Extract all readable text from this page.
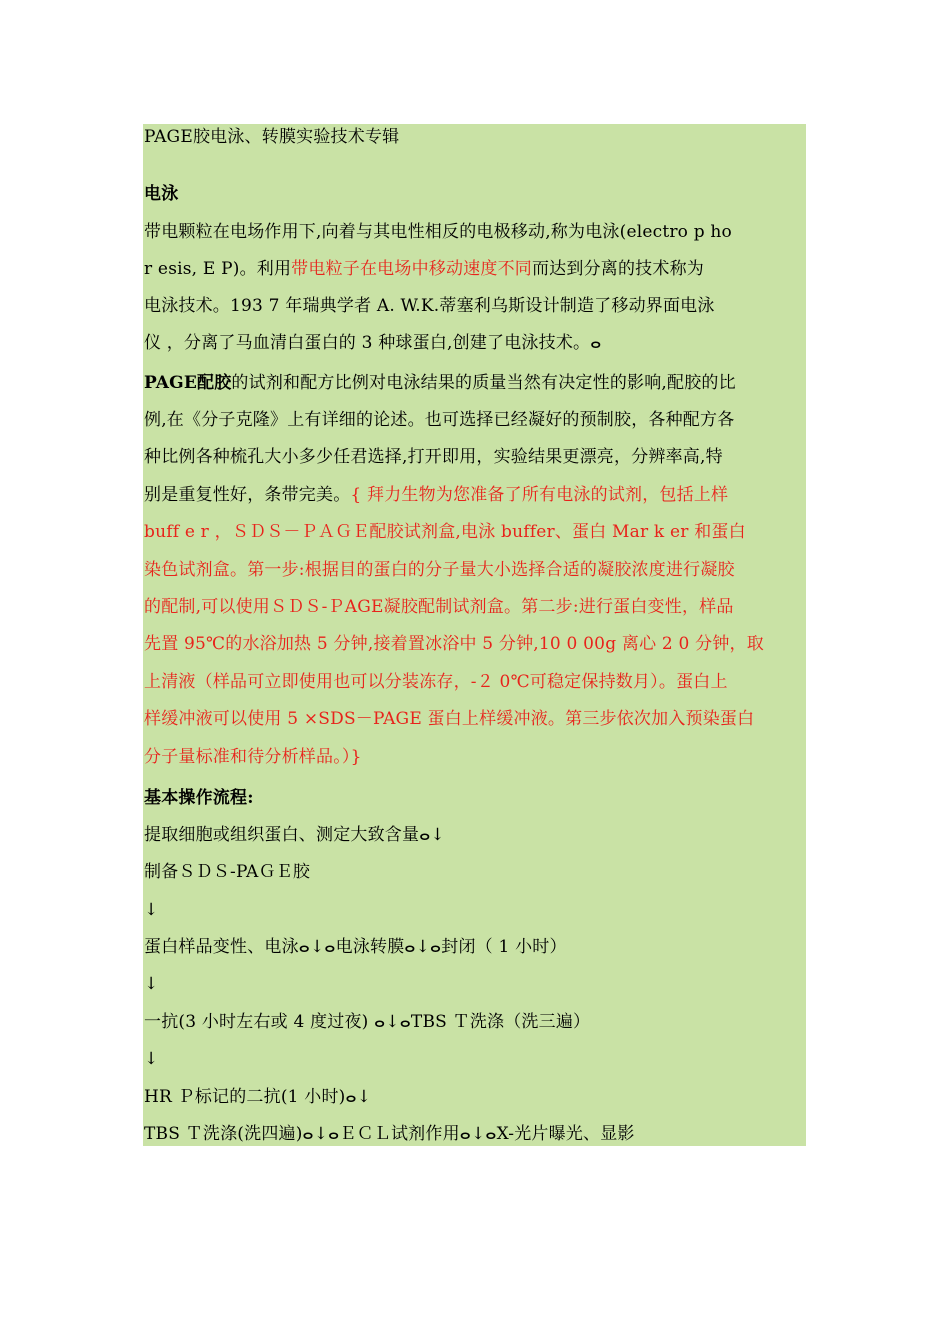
PAGE胶电泳、转膜实验技术专辑
电泳
带电颗粒在电场作用下,向着与其电性相反的电极移动,称为电泳(electro p ho
r esis, E P)。利用带电粒子在电场中移动速度不同而达到分离的技术称为
电泳技术。193 7 年瑞典学者 A. W.K.蒂塞利乌斯设计制造了移动界面电泳
仪 ，分离了马血清白蛋白的 3 种球蛋白,创建了电泳技术。ⴰ
PAGE配胶的试剂和配方比例对电泳结果的质量当然有决定性的影响,配胶的比
例,在《分子克隆》上有详细的论述。也可选择已经凝好的预制胶，各种配方各
种比例各种梳孔大小多少任君选择,打开即用，实验结果更漂亮，分辨率高,特
别是重复性好，条带完美。{ 拜力生物为您准备了所有电泳的试剂，包括上样
buff e r ，ＳＤＳ－ＰＡＧＥ配胶试剂盒,电泳 buffer、蛋白 Mar k er 和蛋白
染色试剂盒。第一步:根据目的蛋白的分子量大小选择合适的凝胶浓度进行凝胶
的配制,可以使用ＳＤＳ-ＰAGE凝胶配制试剂盒。第二步:进行蛋白变性，样品
先置 95℃的水浴加热 5 分钟,接着置冰浴中 5 分钟,10 0 00g 离心 2 0 分钟，取
上清液（样品可立即使用也可以分装冻存，-２ 0℃可稳定保持数月）。蛋白上
样缓冲液可以使用 5 ×SDS－PAGE 蛋白上样缓冲液。第三步依次加入预染蛋白
分子量标准和待分析样品。）}
基本操作流程:
提取细胞或组织蛋白、测定大致含量ⴰ↓
制备ＳＤＳ-PAＧＥ胶
↓
蛋白样品变性、电泳ⴰ↓ⴰ电泳转膜ⴰ↓ⴰ封闭（ 1 小时）
↓
一抗(3 小时左右或 4 度过夜) ⴰ↓ⴰTBS Ｔ洗涤（洗三遍）
↓
HR Ｐ标记的二抗(1 小时)ⴰ↓
TBS Ｔ洗涤(洗四遍)ⴰ↓ⴰＥＣＬ试剂作用ⴰ↓ⴰX-光片曝光、显影
